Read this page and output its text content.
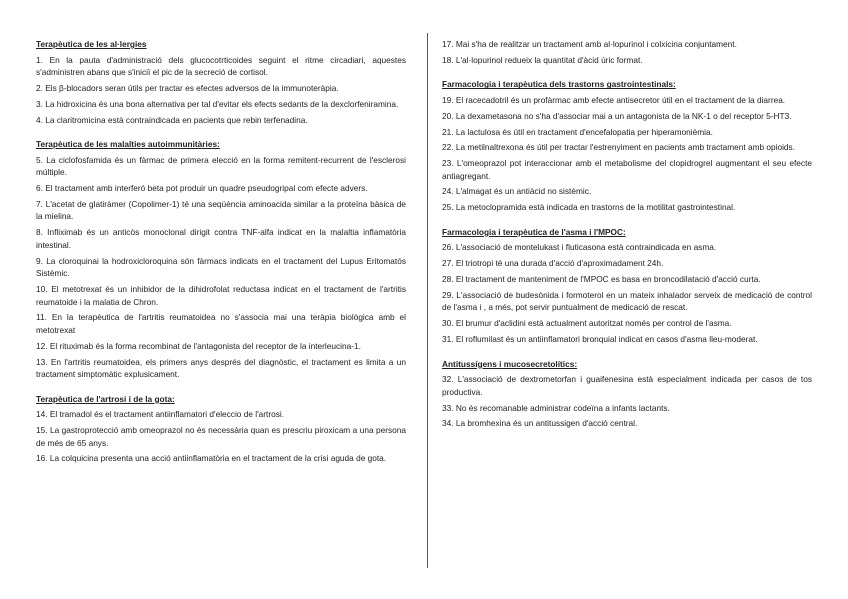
Terapèutica de les al·lergies
1. En la pauta d'administració dels glucocotrticoides seguint el ritme circadiari, aquestes s'administren abans que s'iniciï el pic de la secreció de cortisol.
2. Els β-blocadors seran útils per tractar es efectes adversos de la immunoteràpia.
3. La hidroxicina és una bona alternativa per tal d'evitar els efects sedants de la dexclorfeniramina.
4. La claritromicina està contraindicada en pacients que rebin terfenadina.
Terapèutica de les malalties autoimmunitàries:
5. La ciclofosfamida és un fàrmac de primera elecció en la forma remitent-recurrent de l'esclerosi múltiple.
6. El tractament amb interferó beta pot produir un quadre pseudogripal com efecte advers.
7. L'acetat de glatiràmer (Copolimer-1) té una seqüència aminoacida similar a la proteïna bàsica de la mielina.
8. Infliximab és un anticòs monoclonal dirigit contra TNF-alfa indicat en la malaltia inflamatòria intestinal.
9. La cloroquinai la hodroxicloroquina són fàrmacs indicats en el tractament del Lupus Eritomatós Sistèmic.
10. El metotrexat és un inhibidor de la dihidrofolat reductasa indicat en el tractament de l'artritis reumatoide i la malatia de Chron.
11. En la terapèutica de l'artritis reumatoidea no s'associa mai una teràpia biològica amb el metotrexat
12. El rituximab és la forma recombinat de l'antagonista del receptor de la interleucina-1.
13. En l'artritis reumatoidea, els primers anys després del diagnòstic, el tractament es limita a un tractament simptomàtic explusicament.
Terapèutica de l'artrosi i de la gota:
14. El tramadol és el tractament antiinflamatori d'eleccio de l'artrosi.
15. La gastroprotecció amb omeoprazol no és necessària quan es prescriu piroxicam a una persona de més de 65 anys.
16. La colquicina presenta una acció antiinflamatòria en el tractament de la crisi aguda de gota.
17. Mai s'ha de realitzar un tractament amb al·lopurinol i colxicina conjuntament.
18. L'al·lopurinol redueix la quantitat d'àcid úric format.
Farmacologia i terapèutica dels trastorns gastrointestinals:
19. El racecadotril és un profàrmac amb efecte antisecretor útil en el tractament de la diarrea.
20. La dexametasona no s'ha d'associar mai a un antagonista de la NK-1 o del receptor 5-HT3.
21. La lactulosa és útil en tractament d'encefalopatia per hiperamonièmia.
22. La metilnaltrexona és útil per tractar l'estrenyiment en pacients amb tractament amb opioids.
23. L'omeoprazol pot interaccionar amb el metabolisme del clopidrogrel augmentant el seu efecte antiagregant.
24. L'almagat és un antiàcid no sistèmic.
25. La metoclopramida està indicada en trastorns de la motilitat gastrointestinal.
Farmacologia i terapèutica de l'asma i l'MPOC:
26. L'associació de montelukast i fluticasona està contraindicada en asma.
27. El triotropi té una durada d'acció d'aproximadament 24h.
28. El tractament de manteniment de l'MPOC es basa en broncodilatació d'acció curta.
29. L'associació de budesònida i formoterol en un mateix inhalador serveix de medicació de control de l'asma i , a més, pot servir puntualment de medicació de rescat.
30. El brumur d'aclidini està actualment autoritzat només per control de l'asma.
31. El roflumilast és un antiinflamatori bronquial indicat en casos d'asma lleu-moderat.
Antitussígens i mucosecretolítics:
32. L'associació de dextrometorfan i guaifenesina està especialment indicada per casos de tos productiva.
33. No és recomanable administrar codeïna a infants lactants.
34. La bromhexina és un antitussigen d'acció central.
